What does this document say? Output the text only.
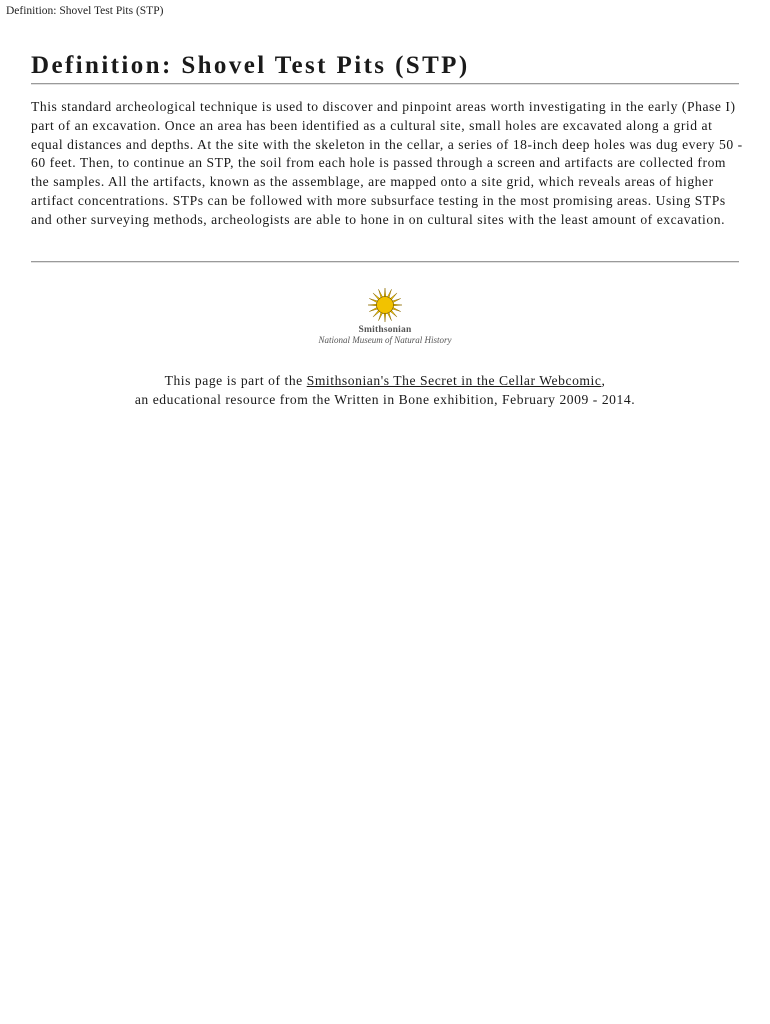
Definition: Shovel Test Pits (STP)
Definition: Shovel Test Pits (STP)

This standard archeological technique is used to discover and pinpoint areas worth investigating in the early (Phase I) part of an excavation. Once an area has been identified as a cultural site, small holes are excavated along a grid at equal distances and depths. At the site with the skeleton in the cellar, a series of 18-inch deep holes was dug every 50 - 60 feet. Then, to continue an STP, the soil from each hole is passed through a screen and artifacts are collected from the samples. All the artifacts, known as the assemblage, are mapped onto a site grid, which reveals areas of higher artifact concentrations. STPs can be followed with more subsurface testing in the most promising areas. Using STPs and other surveying methods, archeologists are able to hone in on cultural sites with the least amount of excavation.

Smithsonian
National Museum of Natural History
This page is part of the Smithsonian's The Secret in the Cellar Webcomic,
an educational resource from the Written in Bone exhibition, February 2009 - 2014.
